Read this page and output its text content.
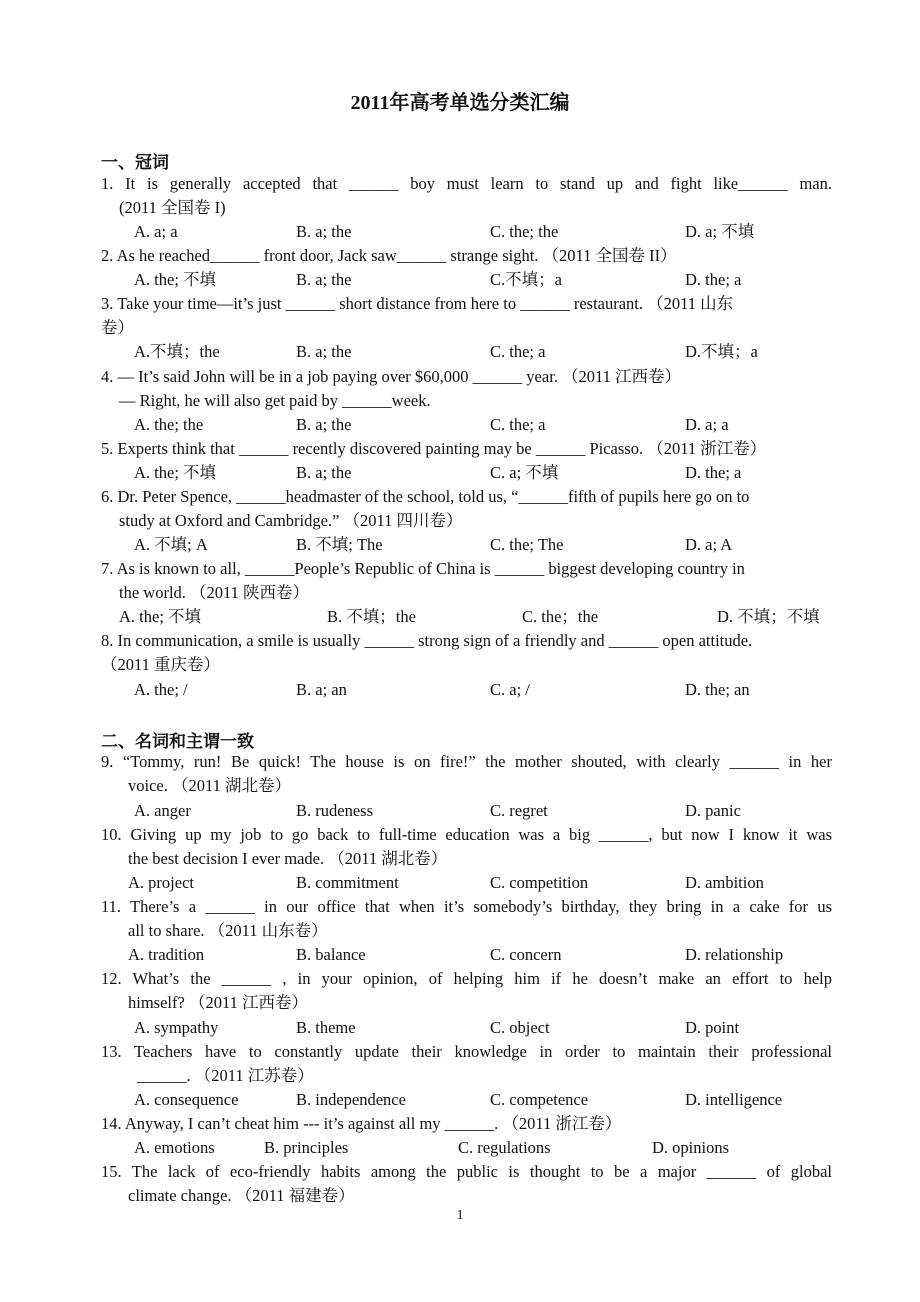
2011年高考单选分类汇编
一、冠词
1. It is generally accepted that ______ boy must learn to stand up and fight like______ man.
(2011 全国卷 I)
A. a; a	B. a; the	C. the; the	D. a; 不填
2. As he reached______ front door, Jack saw______ strange sight. （2011 全国卷 II）
A. the; 不填	B. a; the	C.不填；a	D. the; a
3. Take your time—it’s just ______ short distance from here to ______ restaurant. （2011 山东
卷）
A.不填；the	B. a; the	C. the; a	D.不填；a
4. — It’s said John will be in a job paying over $60,000 ______ year. （2011 江西卷）
— Right, he will also get paid by ______week.
A. the; the	B. a; the	C. the; a	D. a; a
5. Experts think that ______ recently discovered painting may be ______ Picasso. （2011 浙江卷）
A. the; 不填	B. a; the	C. a; 不填	D. the; a
6. Dr. Peter Spence, ______headmaster of the school, told us, “______fifth of pupils here go on to
study at Oxford and Cambridge.” （2011 四川卷）
A. 不填; A	B. 不填; The	C. the; The	D. a; A
7. As is known to all, ______People’s Republic of China is ______ biggest developing country in
the world. （2011 陕西卷）
A. the; 不填	B. 不填；the	C. the；the	D. 不填；不填
8. In communication, a smile is usually ______ strong sign of a friendly and ______ open attitude.
（2011 重庆卷）
A. the; /	B. a; an	C. a; /	D. the; an
二、名词和主谓一致
9. “Tommy, run! Be quick! The house is on fire!” the mother shouted, with clearly ______ in her
voice. （2011 湖北卷）
A. anger	B. rudeness	C. regret	D. panic
10. Giving up my job to go back to full-time education was a big ______, but now I know it was
the best decision I ever made. （2011 湖北卷）
A. project	B. commitment	C. competition	D. ambition
11. There’s a ______ in our office that when it’s somebody’s birthday, they bring in a cake for us
all to share. （2011 山东卷）
A. tradition	B. balance	C. concern	D. relationship
12. What’s the ______ , in your opinion, of helping him if he doesn’t make an effort to help
himself? （2011 江西卷）
A. sympathy	B. theme	C. object	D. point
13. Teachers have to constantly update their knowledge in order to maintain their professional
______. （2011 江苏卷）
A. consequence	B. independence	C. competence	D. intelligence
14. Anyway, I can’t cheat him --- it’s against all my ______. （2011 浙江卷）
A. emotions	B. principles	C. regulations	D. opinions
15. The lack of eco-friendly habits among the public is thought to be a major ______ of global
climate change. （2011 福建卷）
1
